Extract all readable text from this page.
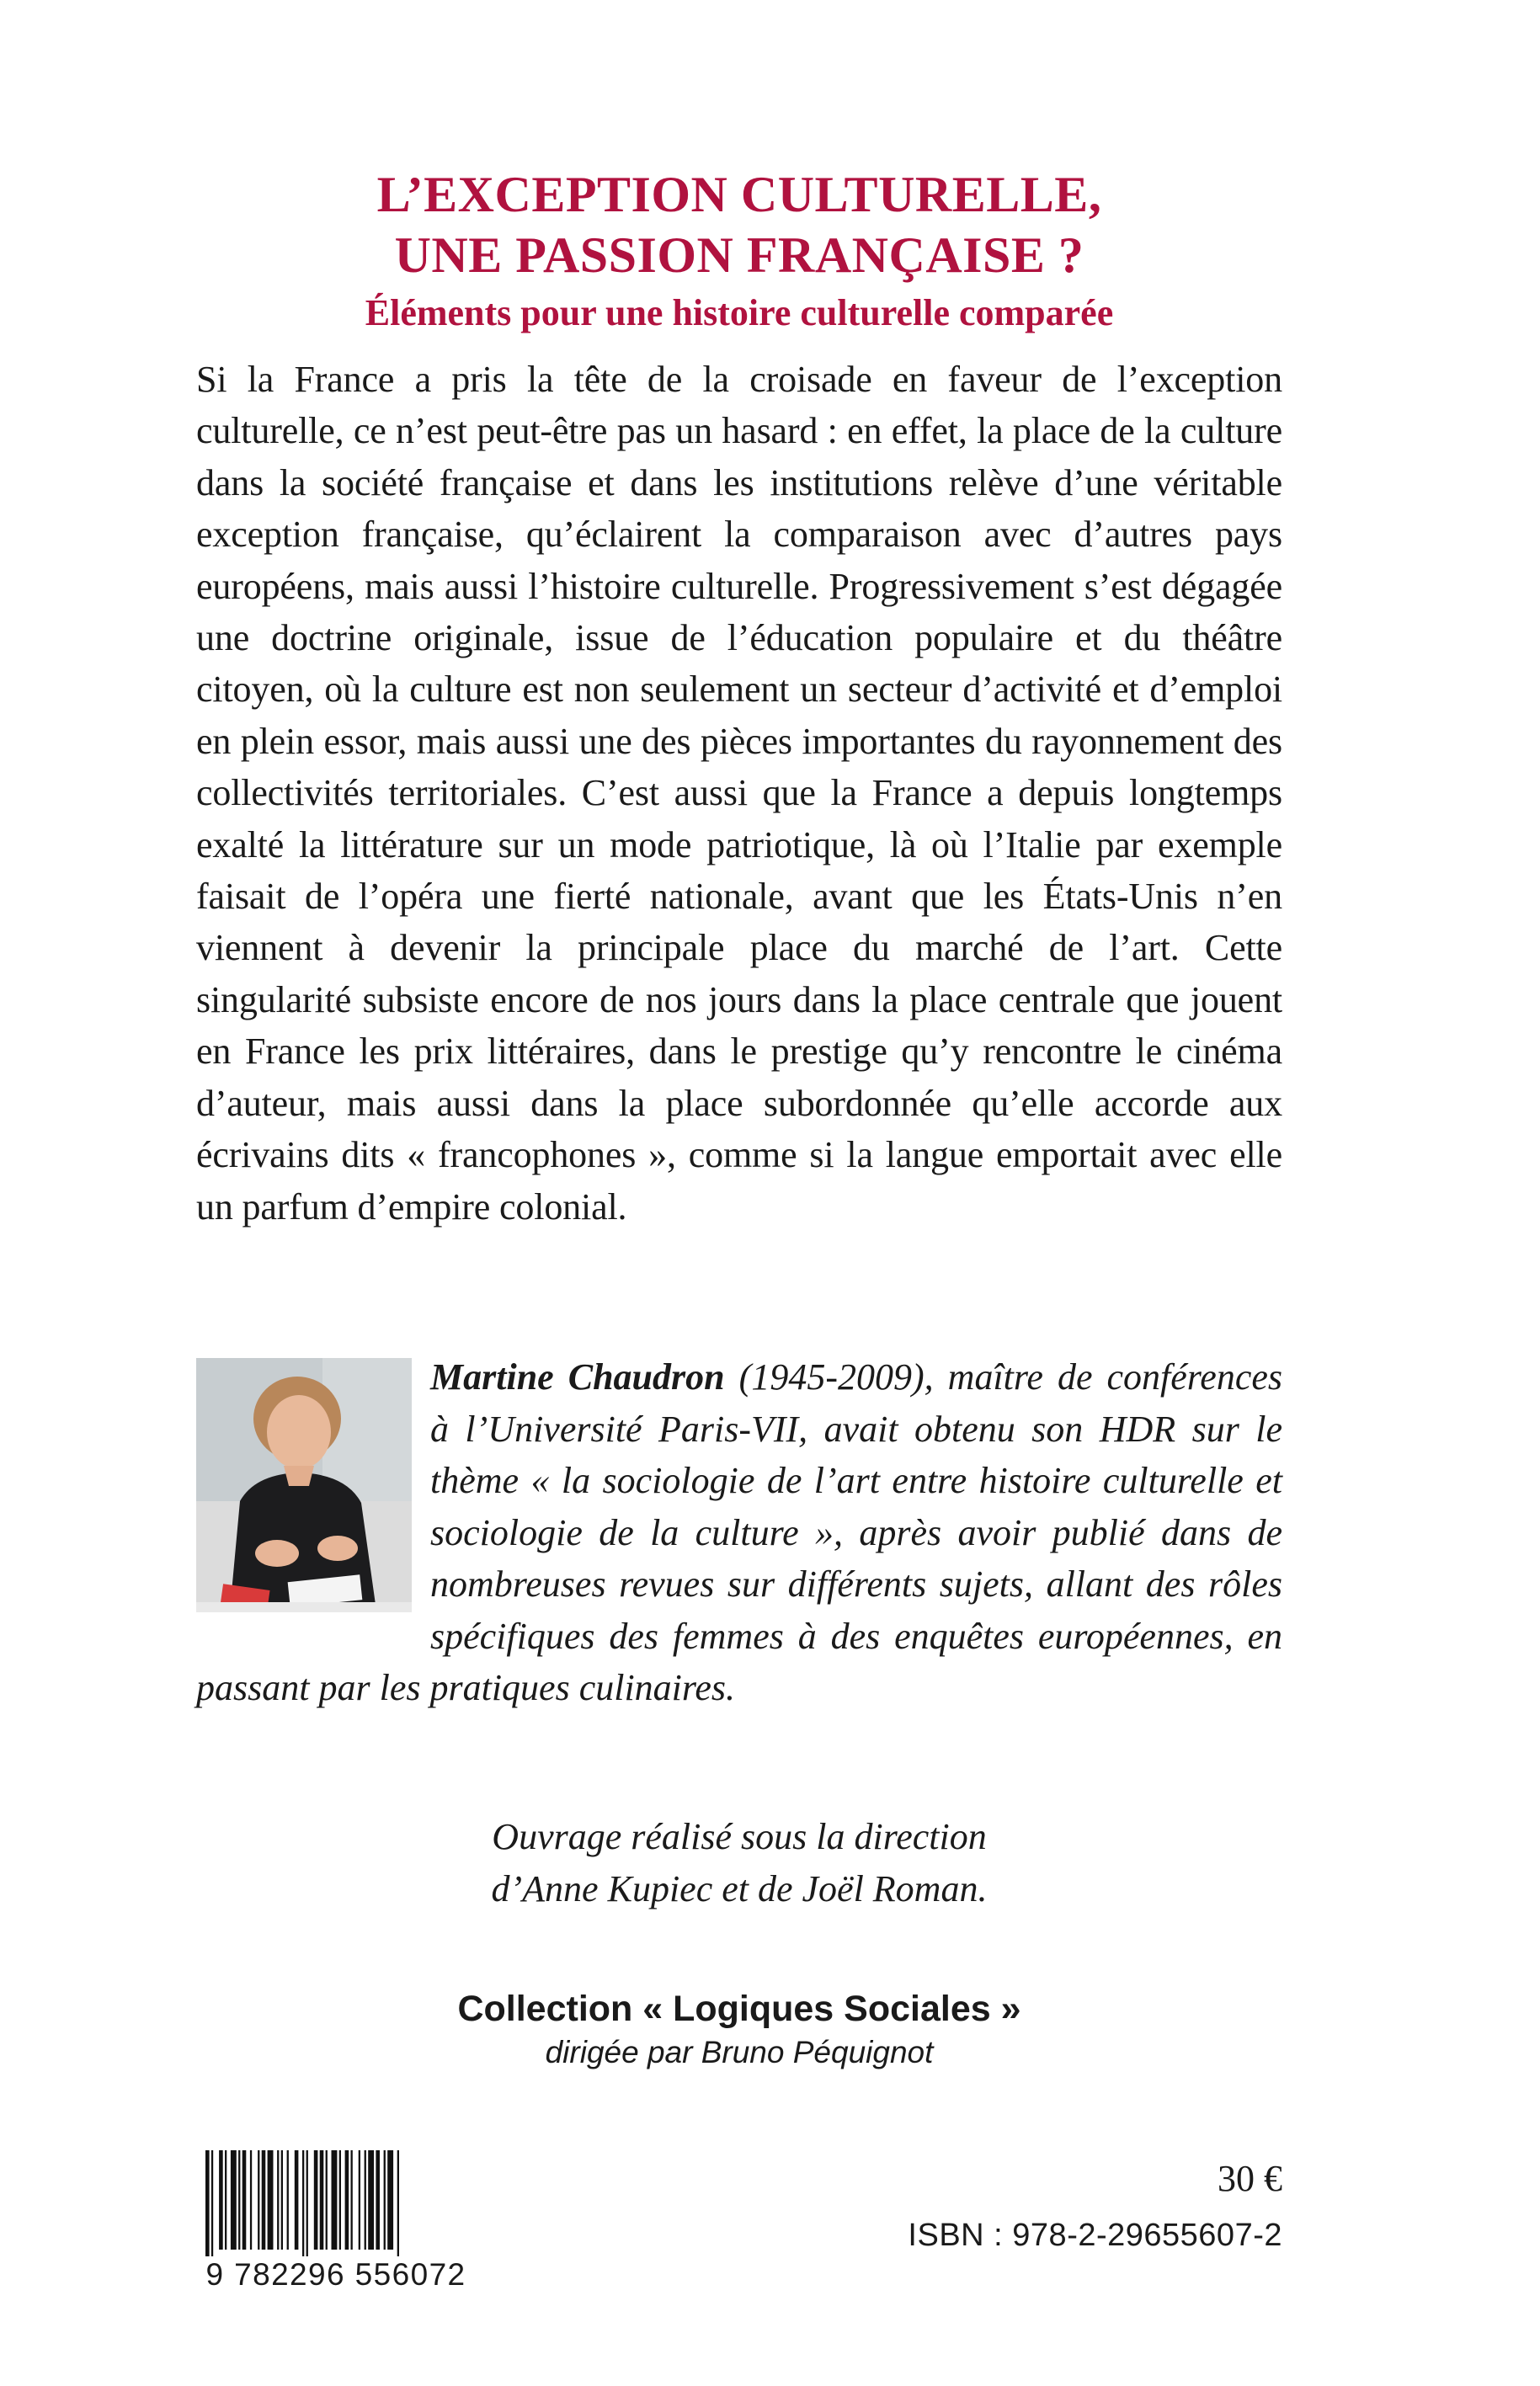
L’EXCEPTION CULTURELLE,
UNE PASSION FRANÇAISE ?
Éléments pour une histoire culturelle comparée

Si la France a pris la tête de la croisade en faveur de l’exception culturelle, ce n’est peut-être pas un hasard : en effet, la place de la culture dans la société française et dans les institutions relève d’une véritable exception française, qu’éclairent la comparaison avec d’autres pays européens, mais aussi l’histoire culturelle. Progressivement s’est dégagée une doctrine originale, issue de l’éducation populaire et du théâtre citoyen, où la culture est non seulement un secteur d’activité et d’emploi en plein essor, mais aussi une des pièces importantes du rayonnement des collectivités territoriales. C’est aussi que la France a depuis longtemps exalté la littérature sur un mode patriotique, là où l’Italie par exemple faisait de l’opéra une fierté nationale, avant que les États-Unis n’en viennent à devenir la principale place du marché de l’art. Cette singularité subsiste encore de nos jours dans la place centrale que jouent en France les prix littéraires, dans le prestige qu’y rencontre le cinéma d’auteur, mais aussi dans la place subordonnée qu’elle accorde aux écrivains dits « francophones », comme si la langue emportait avec elle un parfum d’empire colonial.

Martine Chaudron (1945-2009), maître de conférences à l’Université Paris-VII, avait obtenu son HDR sur le thème « la sociologie de l’art entre histoire culturelle et sociologie de la culture », après avoir publié dans de nombreuses revues sur différents sujets, allant des rôles spécifiques des femmes à des enquêtes européennes, en passant par les pratiques culinaires.
Ouvrage réalisé sous la direction
d’Anne Kupiec et de Joël Roman.
Collection « Logiques Sociales »
dirigée par Bruno Péquignot
9 782296 556072
30 €
ISBN : 978-2-29655607-2
